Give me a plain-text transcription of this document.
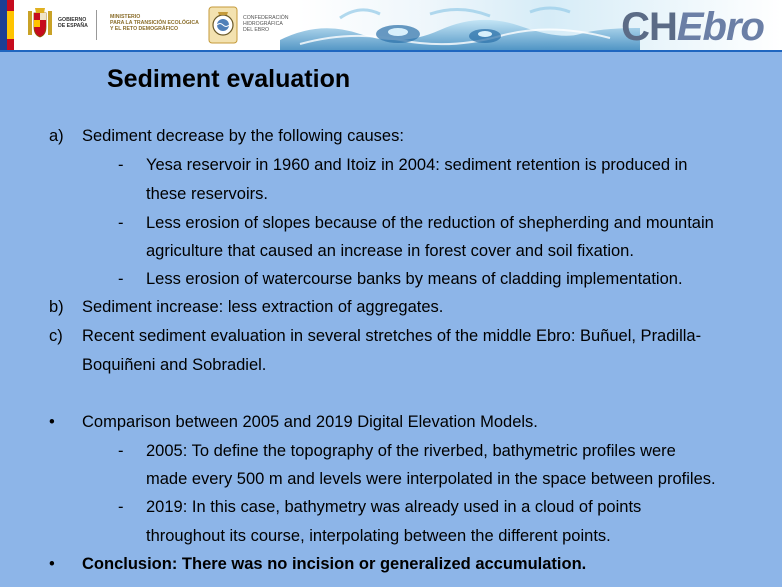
GOBIERNO
DE ESPAÑA
MINISTERIO
PARA LA TRANSICIÓN ECOLÓGICA
Y EL RETO DEMOGRÁFICO
CONFEDERACIÓN
HIDROGRÁFICA
DEL EBRO	CHEbro
Sediment evaluation
a) Sediment decrease by the following causes:
- Yesa reservoir in 1960 and Itoiz in 2004: sediment retention is produced in
these reservoirs.
- Less erosion of slopes because of the reduction of shepherding and mountain
agriculture that caused an increase in forest cover and soil fixation.
- Less erosion of watercourse banks by means of cladding implementation.
b) Sediment increase: less extraction of aggregates.
c) Recent sediment evaluation in several stretches of the middle Ebro: Buñuel, Pradilla-
Boquiñeni and Sobradiel.
• Comparison between 2005 and 2019 Digital Elevation Models.
- 2005: To define the topography of the riverbed, bathymetric profiles were
made every 500 m and levels were interpolated in the space between profiles.
- 2019: In this case, bathymetry was already used in a cloud of points
throughout its course, interpolating between the different points.
• Conclusion: There was no incision or generalized accumulation.
